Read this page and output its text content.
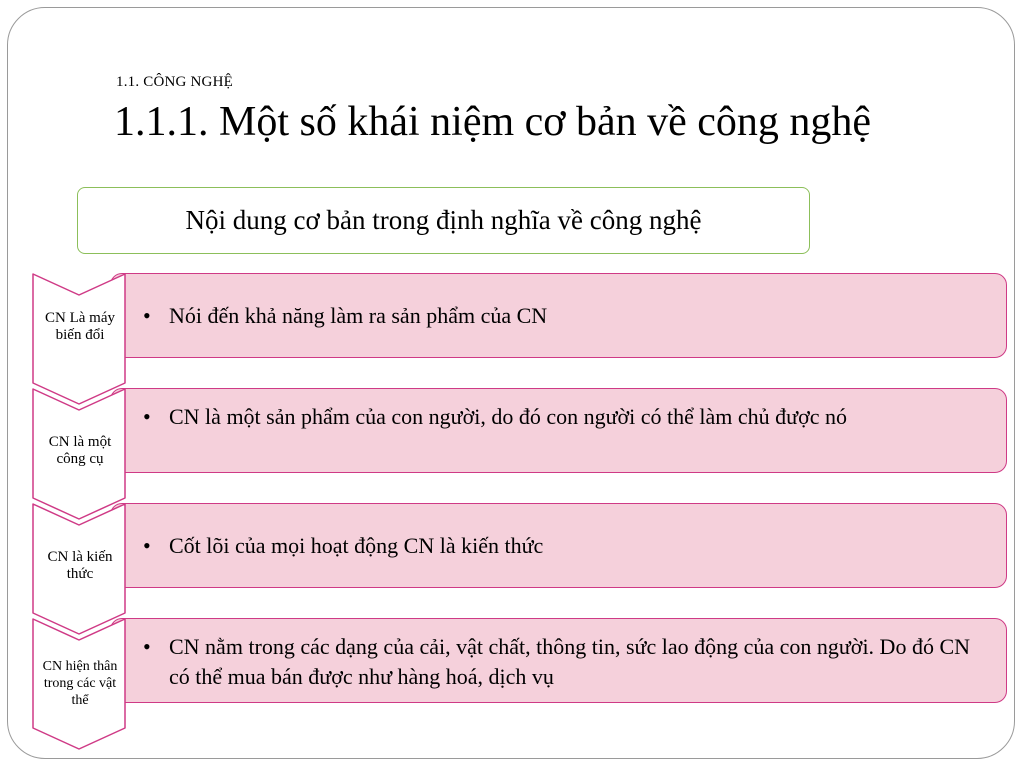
1.1. CÔNG NGHỆ
1.1.1. Một số khái niệm cơ bản về công nghệ
Nội dung cơ bản trong định nghĩa về công nghệ
• Nói đến khả năng làm ra sản phẩm của CN
CN Là máy biến đổi
• CN là một sản phẩm của con người, do đó con người có thể làm chủ được nó
CN là một công cụ
• Cốt lõi của mọi hoạt động CN là kiến thức
CN là kiến thức
• CN nằm trong các dạng của cải, vật chất, thông tin, sức lao động của con người. Do đó CN có thể mua bán được như hàng hoá, dịch vụ
CN hiện thân trong các vật thể
